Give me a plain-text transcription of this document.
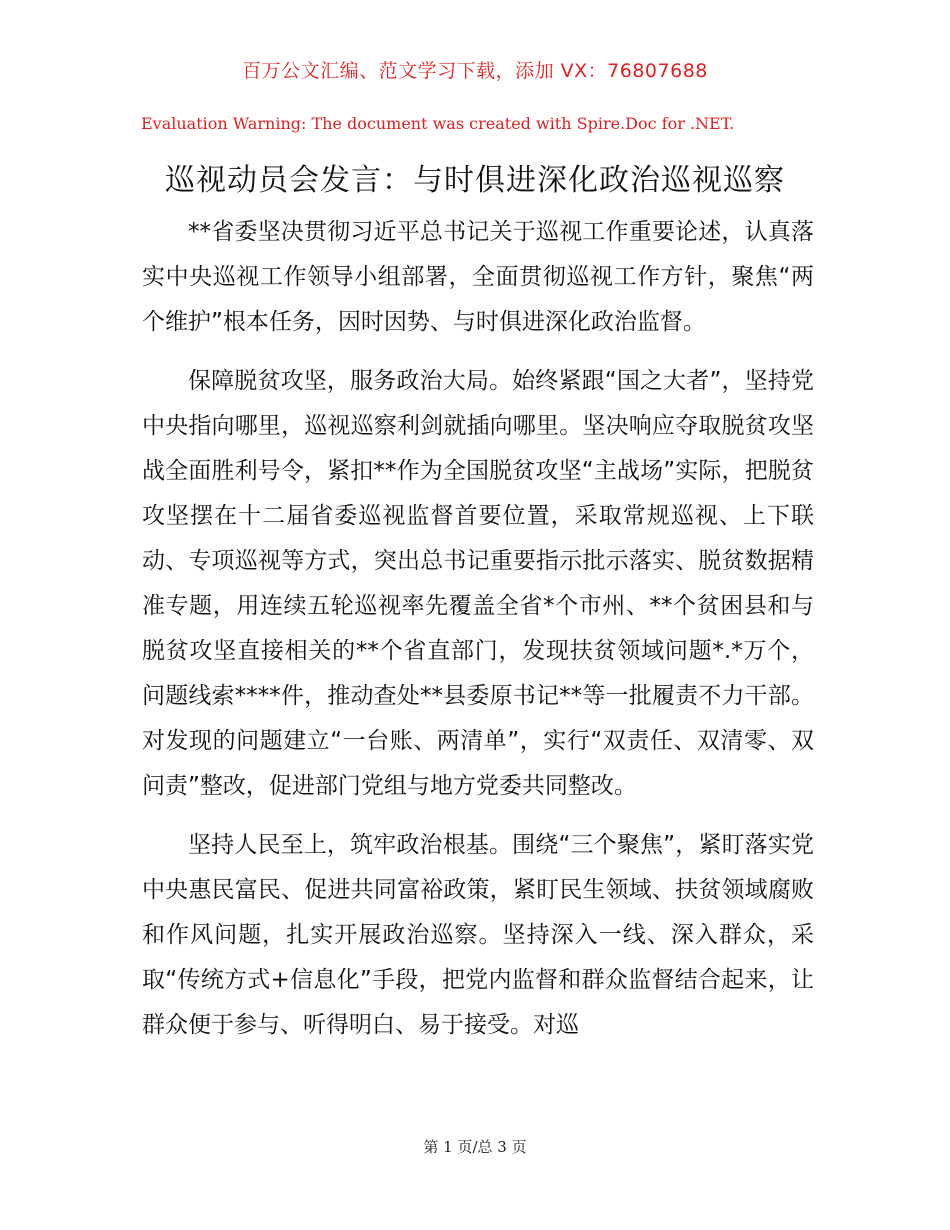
百万公文汇编、范文学习下载，添加 VX：76807688
Evaluation Warning: The document was created with Spire.Doc for .NET.
巡视动员会发言：与时俱进深化政治巡视巡察

**省委坚决贯彻习近平总书记关于巡视工作重要论述，认真落实中央巡视工作领导小组部署，全面贯彻巡视工作方针，聚焦“两个维护”根本任务，因时因势、与时俱进深化政治监督。

保障脱贫攻坚，服务政治大局。始终紧跟“国之大者”，坚持党中央指向哪里，巡视巡察利剑就插向哪里。坚决响应夺取脱贫攻坚战全面胜利号令，紧扣**作为全国脱贫攻坚“主战场”实际，把脱贫攻坚摆在十二届省委巡视监督首要位置，采取常规巡视、上下联动、专项巡视等方式，突出总书记重要指示批示落实、脱贫数据精准专题，用连续五轮巡视率先覆盖全省*个市州、**个贫困县和与脱贫攻坚直接相关的**个省直部门，发现扶贫领域问题*.*万个，问题线索****件，推动查处**县委原书记**等一批履责不力干部。对发现的问题建立“一台账、两清单”，实行“双责任、双清零、双问责”整改，促进部门党组与地方党委共同整改。

坚持人民至上，筑牢政治根基。围绕“三个聚焦”，紧盯落实党中央惠民富民、促进共同富裕政策，紧盯民生领域、扶贫领域腐败和作风问题，扎实开展政治巡察。坚持深入一线、深入群众，采取“传统方式+信息化”手段，把党内监督和群众监督结合起来，让群众便于参与、听得明白、易于接受。对巡

第 1 页/总 3 页
